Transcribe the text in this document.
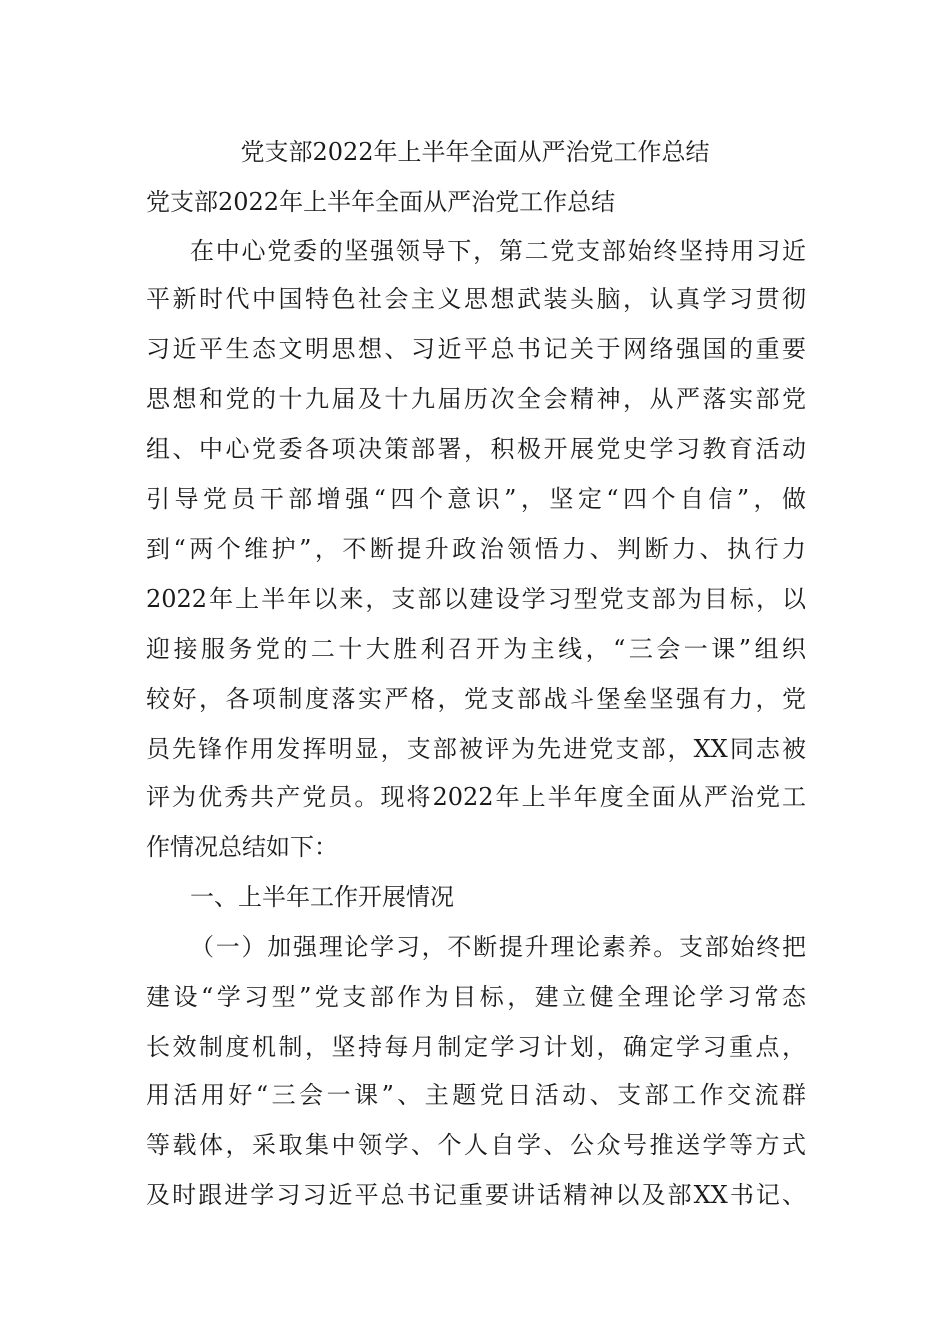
党支部2022年上半年全面从严治党工作总结
党支部2022年上半年全面从严治党工作总结

在中心党委的坚强领导下，第二党支部始终坚持用习近

平新时代中国特色社会主义思想武装头脑，认真学习贯彻

习近平生态文明思想、习近平总书记关于网络强国的重要

思想和党的十九届及十九届历次全会精神，从严落实部党

组、中心党委各项决策部署，积极开展党史学习教育活动

引导党员干部增强“四个意识”，坚定“四个自信”，做

到“两个维护”，不断提升政治领悟力、判断力、执行力

2022年上半年以来，支部以建设学习型党支部为目标，以

迎接服务党的二十大胜利召开为主线，“三会一课”组织

较好，各项制度落实严格，党支部战斗堡垒坚强有力，党

员先锋作用发挥明显，支部被评为先进党支部，XX同志被

评为优秀共产党员。现将2022年上半年度全面从严治党工

作情况总结如下：

一、上半年工作开展情况

（一）加强理论学习，不断提升理论素养。支部始终把

建设“学习型”党支部作为目标，建立健全理论学习常态

长效制度机制，坚持每月制定学习计划，确定学习重点，

用活用好“三会一课”、主题党日活动、支部工作交流群

等载体，采取集中领学、个人自学、公众号推送学等方式

及时跟进学习习近平总书记重要讲话精神以及部XX书记、
